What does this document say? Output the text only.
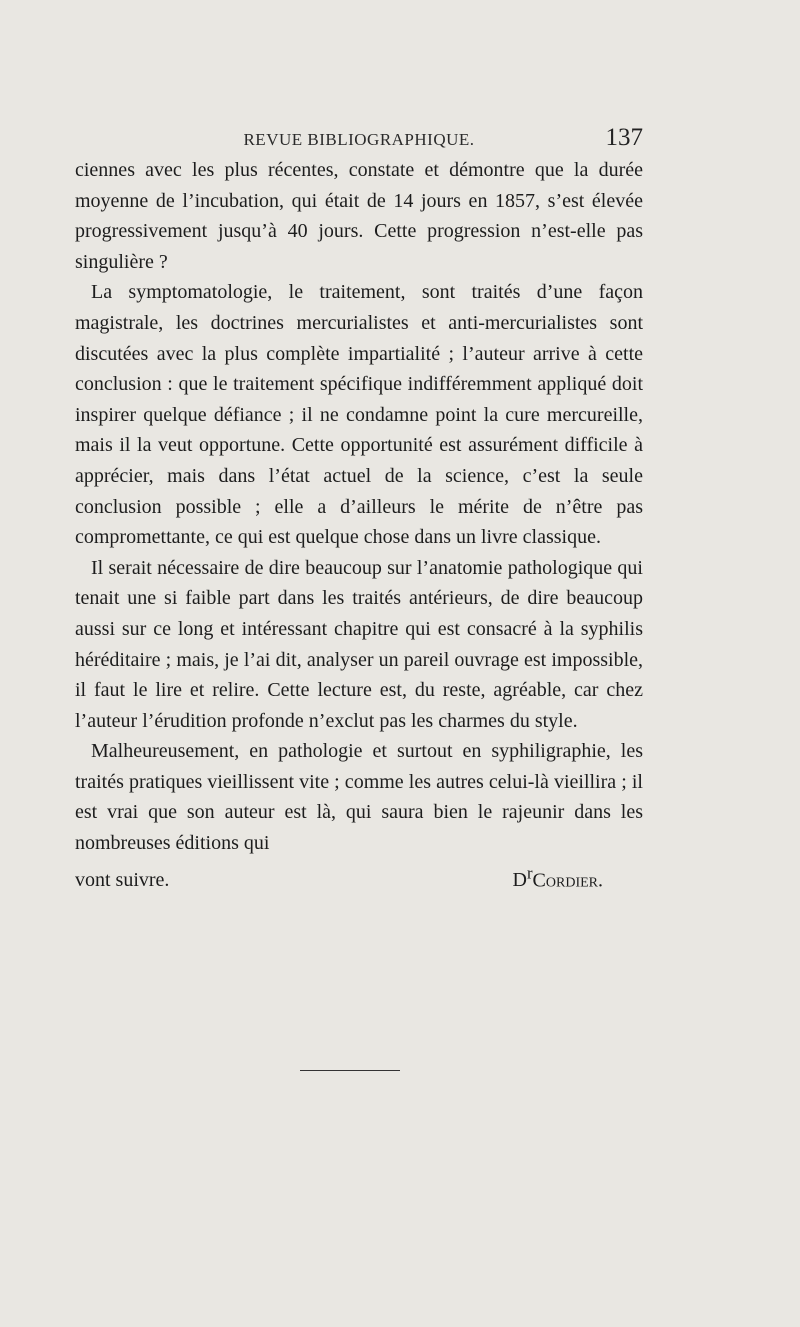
REVUE BIBLIOGRAPHIQUE.	137

ciennes avec les plus récentes, constate et démontre que la durée moyenne de l’incubation, qui était de 14 jours en 1857, s’est élevée progressivement jusqu’à 40 jours. Cette progression n’est-elle pas singulière ?

La symptomatologie, le traitement, sont traités d’une façon magistrale, les doctrines mercurialistes et anti-mercurialistes sont discutées avec la plus complète impartialité ; l’auteur arrive à cette conclusion : que le traitement spécifique indifféremment appliqué doit inspirer quelque défiance ; il ne condamne point la cure mercureille, mais il la veut opportune. Cette opportunité est assurément difficile à apprécier, mais dans l’état actuel de la science, c’est la seule conclusion possible ; elle a d’ailleurs le mérite de n’être pas compromettante, ce qui est quelque chose dans un livre classique.

Il serait nécessaire de dire beaucoup sur l’anatomie pathologique qui tenait une si faible part dans les traités antérieurs, de dire beaucoup aussi sur ce long et intéressant chapitre qui est consacré à la syphilis héréditaire ; mais, je l’ai dit, analyser un pareil ouvrage est impossible, il faut le lire et relire. Cette lecture est, du reste, agréable, car chez l’auteur l’érudition profonde n’exclut pas les charmes du style.

Malheureusement, en pathologie et surtout en syphiligraphie, les traités pratiques vieillissent vite ; comme les autres celui-là vieillira ; il est vrai que son auteur est là, qui saura bien le rajeunir dans les nombreuses éditions qui

vont suivre.	$D^rCordier$.
